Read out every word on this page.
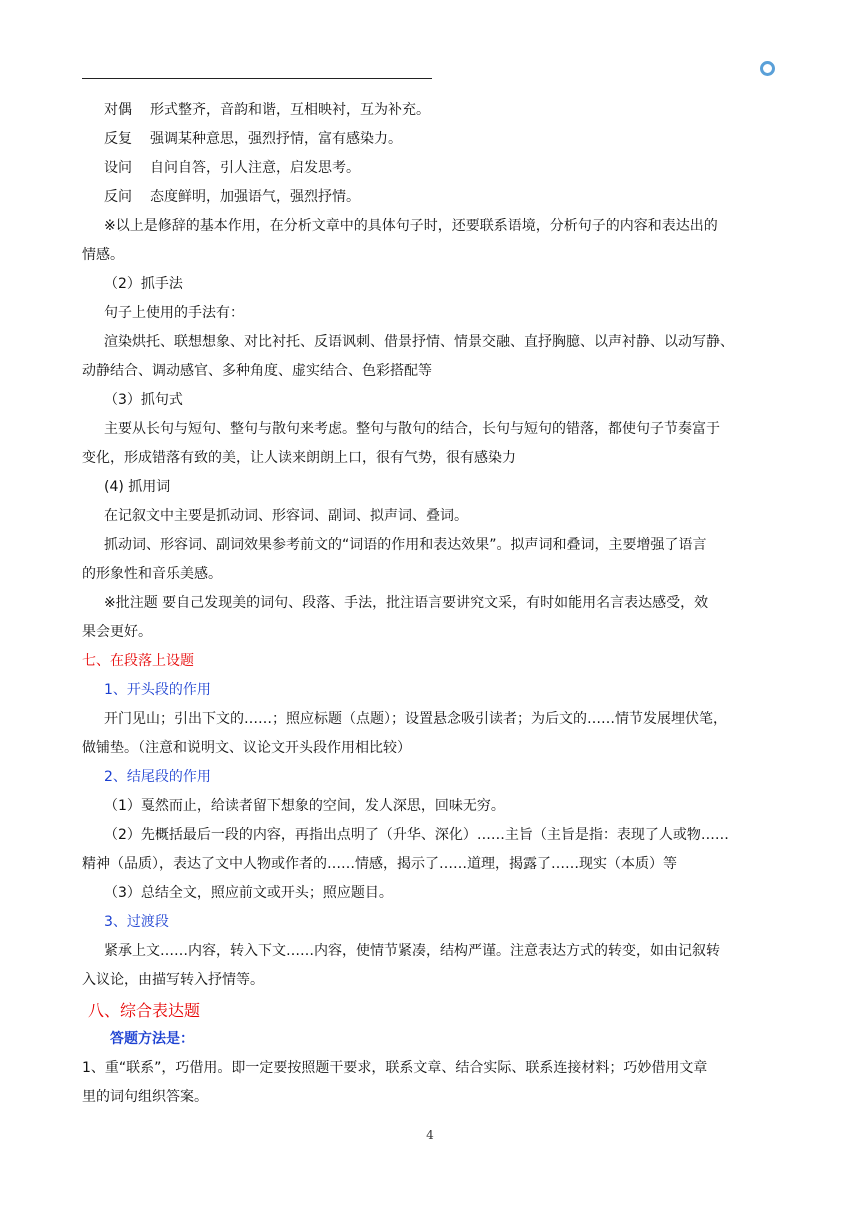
对偶 形式整齐，音韵和谐，互相映衬，互为补充。
反复 强调某种意思，强烈抒情，富有感染力。
设问 自问自答，引人注意，启发思考。
反问 态度鲜明，加强语气，强烈抒情。
※以上是修辞的基本作用，在分析文章中的具体句子时，还要联系语境，分析句子的内容和表达出的
情感。
（2）抓手法
句子上使用的手法有：
渲染烘托、联想想象、对比衬托、反语讽刺、借景抒情、情景交融、直抒胸臆、以声衬静、以动写静、
动静结合、调动感官、多种角度、虚实结合、色彩搭配等
（3）抓句式
主要从长句与短句、整句与散句来考虑。整句与散句的结合，长句与短句的错落，都使句子节奏富于
变化，形成错落有致的美，让人读来朗朗上口，很有气势，很有感染力
(4) 抓用词
在记叙文中主要是抓动词、形容词、副词、拟声词、叠词。
抓动词、形容词、副词效果参考前文的“词语的作用和表达效果”。拟声词和叠词，主要增强了语言
的形象性和音乐美感。
※批注题 要自己发现美的词句、段落、手法，批注语言要讲究文采，有时如能用名言表达感受，效
果会更好。
七、在段落上设题
1、开头段的作用
开门见山；引出下文的……；照应标题（点题）；设置悬念吸引读者；为后文的……情节发展埋伏笔，
做铺垫。（注意和说明文、议论文开头段作用相比较）
2、结尾段的作用
（1）戛然而止，给读者留下想象的空间，发人深思，回味无穷。
（2）先概括最后一段的内容，再指出点明了（升华、深化）……主旨（主旨是指：表现了人或物……
精神（品质），表达了文中人物或作者的……情感，揭示了……道理，揭露了……现实（本质）等
（3）总结全文，照应前文或开头；照应题目。
3、过渡段
紧承上文……内容，转入下文……内容，使情节紧凑，结构严谨。注意表达方式的转变，如由记叙转
入议论，由描写转入抒情等。
八、综合表达题
答题方法是：
1、重“联系”，巧借用。即一定要按照题干要求，联系文章、结合实际、联系连接材料；巧妙借用文章
里的词句组织答案。
4
